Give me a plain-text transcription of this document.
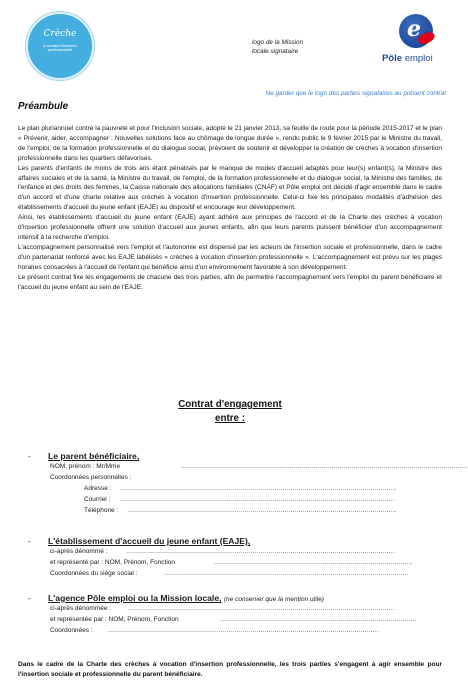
Crèche
à vocation d'insertion
professionnelle
logo de la Mission
locale signataire
e
Pôle emploi
Ne garder que le logo des parties signataires au présent contrat
Préambule

Le plan pluriannuel contre la pauvreté et pour l'inclusion sociale, adopté le 21 janvier 2013, sa feuille de route pour la période 2015-2017 et le plan « Prévenir, aider, accompagner : Nouvelles solutions face au chômage de longue durée », rendu public le 9 février 2015 par le Ministre du travail, de l'emploi, de la formation professionnelle et du dialogue social, prévoient de soutenir et développer la création de crèches à vocation d'insertion professionnelle dans les quartiers défavorisés.

Les parents d'enfants de moins de trois ans étant pénalisés par le manque de modes d'accueil adaptés pour leur(s) enfant(s), la Ministre des affaires sociales et de la santé, la Ministre du travail, de l'emploi, de la formation professionnelle et du dialogue social, la Ministre des familles, de l'enfance et des droits des femmes, la Caisse nationale des allocations familiales (CNAF) et Pôle emploi ont décidé d'agir ensemble dans le cadre d'un accord et d'une charte relative aux crèches à vocation d'insertion professionnelle. Celui-ci fixe les principales modalités d'adhésion des établissements d'accueil du jeune enfant (EAJE) au dispositif et encourage leur développement.

Ainsi, les établissements d'accueil du jeune enfant (EAJE) ayant adhéré aux principes de l'accord et de la Charte des crèches à vocation d'insertion professionnelle offrent une solution d'accueil aux jeunes enfants, afin que leurs parents puissent bénéficier d'un accompagnement intensif à la recherche d'emploi.

L'accompagnement personnalisé vers l'emploi et l'autonomie est dispensé par les acteurs de l'insertion sociale et professionnelle, dans le cadre d'un partenariat renforcé avec les EAJE labélisés « crèches à vocation d'insertion professionnelle ». L'accompagnement est prévu sur les plages horaires consacrées à l'accueil de l'enfant qui bénéficie ainsi d'un environnement favorable à son développement.

Le présent contrat fixe les engagements de chacune des trois parties, afin de permettre l'accompagnement vers l'emploi du parent bénéficiaire et l'accueil du jeune enfant au sein de l'EAJE.

Contrat d'engagement
entre :
- Le parent bénéficiaire,
NOM, prénom : Mr/Mme	...............................................................................................................................................
Coordonnées personnelles :
Adresse : ..........................................................................................................................................
Courriel : .........................................................................................................................................
Téléphone : ......................................................................................................................................
- L'établissement d'accueil du jeune enfant (EAJE),
ci-après dénommé :	......................................................................................................................................
et représenté par : NOM, Prénom, Fonction	...................................................................................................
Coordonnées du siège social :	..........................................................................................................................
- L'agence Pôle emploi ou la Mission locale, (ne conserver que la mention utile)
ci-après dénommée :	.....................................................................................................................................
et représentée par : NOM, Prénom, Fonction	..................................................................................................
Coordonnées : .......................................................................................................................................
Dans le cadre de la Charte des crèches à vocation d'insertion professionnelle, les trois parties s'engagent à agir ensemble pour l'insertion sociale et professionnelle du parent bénéficiaire.
